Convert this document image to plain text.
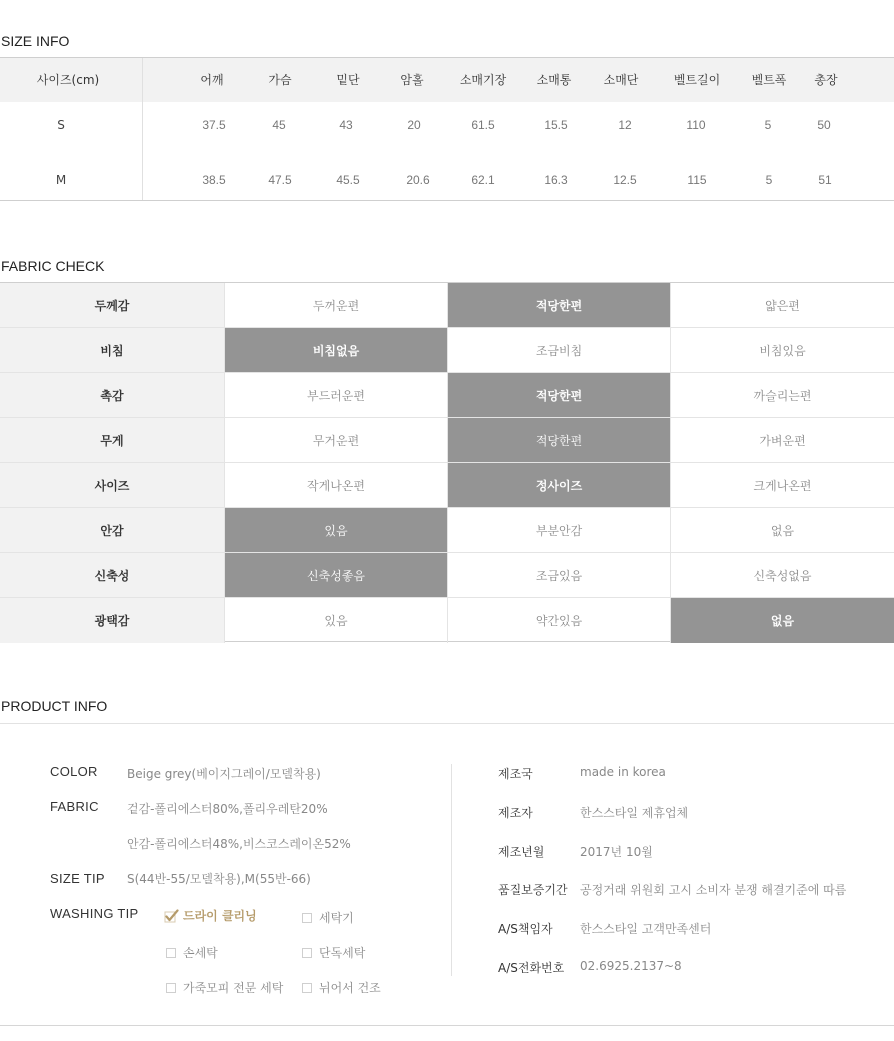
SIZE INFO
사이즈(cm)	어깨	가슴	밑단	암홀	소매기장	소매통	소매단	벨트길이	벨트폭 총장
S	37.5	45	43	20	61.5	15.5	12	110	5	50
M	38.5	47.5	45.5	20.6	62.1	16.3	12.5	115	5	51
FABRIC CHECK
두께감	두꺼운편	적당한편	얇은편
비침	비침없음	조금비침	비침있음
촉감	부드러운편	적당한편	까슬리는편
무게	무거운편	적당한편	가벼운편
사이즈	작게나온편	정사이즈	크게나온편
안감	있음	부분안감	없음
신축성	신축성좋음	조금있음	신축성없음
광택감	있음	약간있음	없음
PRODUCT INFO
COLOR Beige grey(베이지그레이/모델착용)
FABRIC 겉감-폴리에스터80%,폴리우레탄20%
안감-폴리에스터48%,비스코스레이온52%
SIZE TIP S(44반-55/모델착용),M(55반-66)
WASHING TIP	드라이 클리닝	세탁기
손세탁	단독세탁
가죽모피 전문 세탁	뉘어서 건조
제조국	made in korea
제조자	한스스타일 제휴업체
제조년월	2017년 10월
품질보증기간 공정거래 위원회 고시 소비자 분쟁 해결기준에 따름
A/S책임자 한스스타일 고객만족센터
A/S전화번호 02.6925.2137~8
